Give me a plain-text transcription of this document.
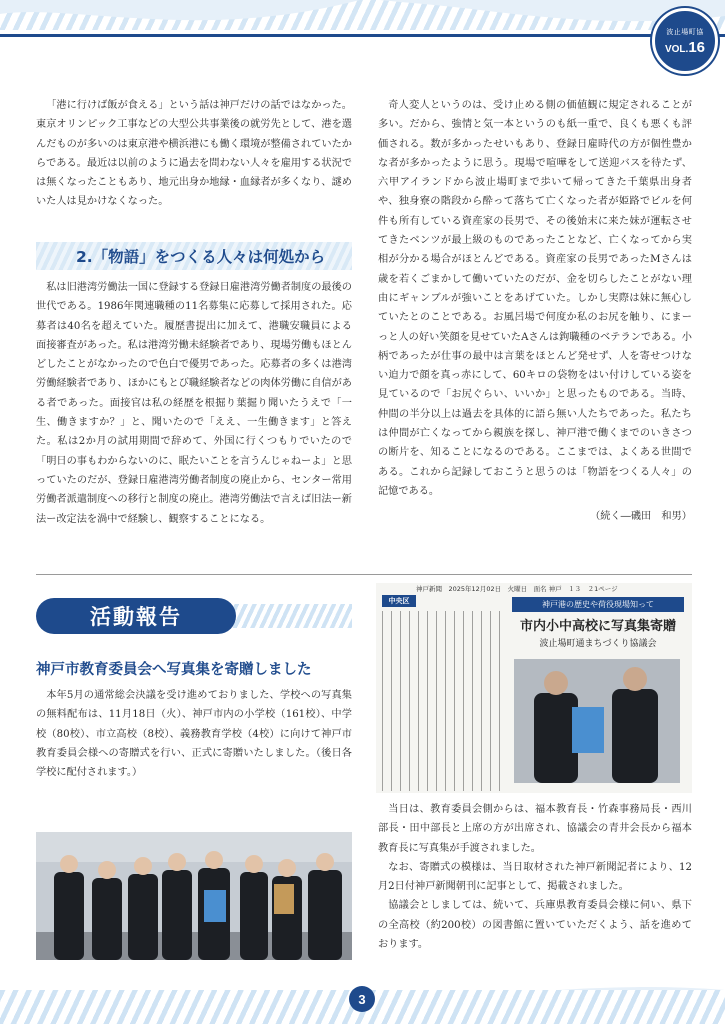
波止場町協
VOL.16

「港に行けば飯が食える」という話は神戸だけの話ではなかった。東京オリンピック工事などの大型公共事業後の就労先として、港を選んだものが多いのは東京港や横浜港にも働く環境が整備されていたからである。最近は以前のように過去を問わない人々を雇用する状況では無くなったこともあり、地元出身か地縁・血縁者が多くなり、謎めいた人は見かけなくなった。

2.「物語」をつくる人々は何処から

私は旧港湾労働法一国に登録する登録日雇港湾労働者制度の最後の世代である。1986年関連職種の11名募集に応募して採用された。応募者は40名を超えていた。履歴書提出に加えて、港職安職員による面接審査があった。私は港湾労働未経験者であり、現場労働もほとんどしたことがなかったので色白で優男であった。応募者の多くは港湾労働経験者であり、ほかにもとび職経験者などの肉体労働に自信がある者であった。面接官は私の経歴を根掘り葉掘り聞いたうえで「一生、働きますか？」と、聞いたので「ええ、一生働きます」と答えた。私は2か月の試用期間で辞めて、外国に行くつもりでいたので「明日の事もわからないのに、眠たいことを言うんじゃねーよ」と思っていたのだが、登録日雇港湾労働者制度の廃止から、センター常用労働者派遣制度への移行と制度の廃止。港湾労働法で言えば旧法ー新法ー改定法を渦中で経験し、観察することになる。

奇人変人というのは、受け止める側の価値観に規定されることが多い。だから、強情と気一本というのも紙一重で、良くも悪くも評価される。数が多かったせいもあり、登録日雇時代の方が個性豊かな者が多かったように思う。現場で喧嘩をして送迎バスを待たず、六甲アイランドから波止場町まで歩いて帰ってきた千葉県出身者や、独身寮の階段から酔って落ちて亡くなった者が姫路でビルを何件も所有している資産家の長男で、その後始末に来た妹が運転させてきたベンツが最上級のものであったことなど、亡くなってから実相が分かる場合がほとんどである。資産家の長男であったMさんは歳を若くごまかして働いていたのだが、金を切らしたことがない理由にギャンブルが強いことをあげていた。しかし実際は妹に無心していたとのことである。お風呂場で何度か私のお尻を触り、にまーっと人の好い笑顔を見せていたAさんは鉤職種のベテランである。小柄であったが仕事の最中は言葉をほとんど発せず、人を寄せつけない迫力で顔を真っ赤にして、60キロの袋物をはい付けしている姿を見ているので「お尻ぐらい、いいか」と思ったものである。当時、仲間の半分以上は過去を具体的に語ら無い人たちであった。私たちは仲間が亡くなってから親族を探し、神戸港で働くまでのいきさつの断片を、知ることになるのである。ここまでは、よくある世間である。これから記録しておこうと思うのは「物語をつくる人々」の記憶である。

（続く―磯田　和男）
活動報告
神戸市教育委員会へ写真集を寄贈しました

本年5月の通常総会決議を受け進めておりました、学校への写真集の無料配布は、11月18日（火）、神戸市内の小学校（161校）、中学校（80校）、市立高校（8校）、義務教育学校（4校）に向けて神戸市教育委員会様への寄贈式を行い、正式に寄贈いたしました。（後日各学校に配付されます。）

神戸新聞　2025年12月02日　火曜日　面名 神戸　１３　２1ページ
中央区	神戸港の歴史や荷役現場知って
市内小中高校に写真集寄贈
波止場町通まちづくり協議会

当日は、教育委員会側からは、福本教育長・竹森事務局長・西川部長・田中部長と上席の方が出席され、協議会の青井会長から福本教育長に写真集が手渡されました。

なお、寄贈式の模様は、当日取材された神戸新聞記者により、12月2日付神戸新聞朝刊に記事として、掲載されました。

協議会としましては、続いて、兵庫県教育委員会様に伺い、県下の全高校（約200校）の図書館に置いていただくよう、話を進めております。

3
